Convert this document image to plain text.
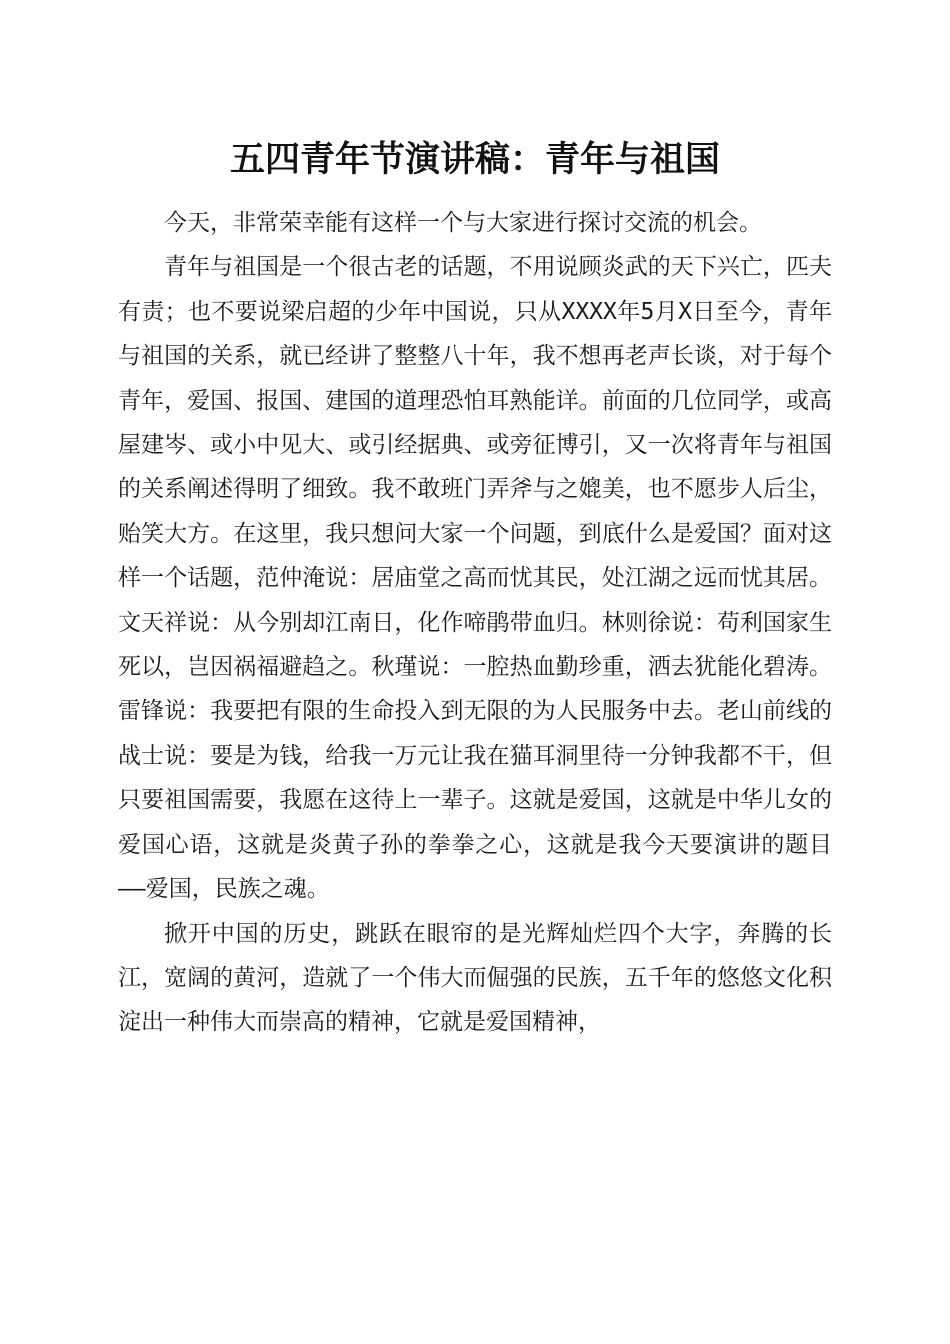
五四青年节演讲稿：青年与祖国

今天，非常荣幸能有这样一个与大家进行探讨交流的机会。

青年与祖国是一个很古老的话题，不用说顾炎武的天下兴亡，匹夫有责；也不要说梁启超的少年中国说，只从XXXX年5月X日至今，青年与祖国的关系，就已经讲了整整八十年，我不想再老声长谈，对于每个青年，爱国、报国、建国的道理恐怕耳熟能详。前面的几位同学，或高屋建岑、或小中见大、或引经据典、或旁征博引，又一次将青年与祖国的关系阐述得明了细致。我不敢班门弄斧与之媲美，也不愿步人后尘，贻笑大方。在这里，我只想问大家一个问题，到底什么是爱国？面对这样一个话题，范仲淹说：居庙堂之高而忧其民，处江湖之远而忧其居。文天祥说：从今别却江南日，化作啼鹃带血归。林则徐说：苟利国家生死以，岂因祸福避趋之。秋瑾说：一腔热血勤珍重，洒去犹能化碧涛。雷锋说：我要把有限的生命投入到无限的为人民服务中去。老山前线的战士说：要是为钱，给我一万元让我在猫耳洞里待一分钟我都不干，但只要祖国需要，我愿在这待上一辈子。这就是爱国，这就是中华儿女的爱国心语，这就是炎黄子孙的拳拳之心，这就是我今天要演讲的题目——爱国，民族之魂。

掀开中国的历史，跳跃在眼帘的是光辉灿烂四个大字，奔腾的长江，宽阔的黄河，造就了一个伟大而倔强的民族，五千年的悠悠文化积淀出一种伟大而崇高的精神，它就是爱国精神，
